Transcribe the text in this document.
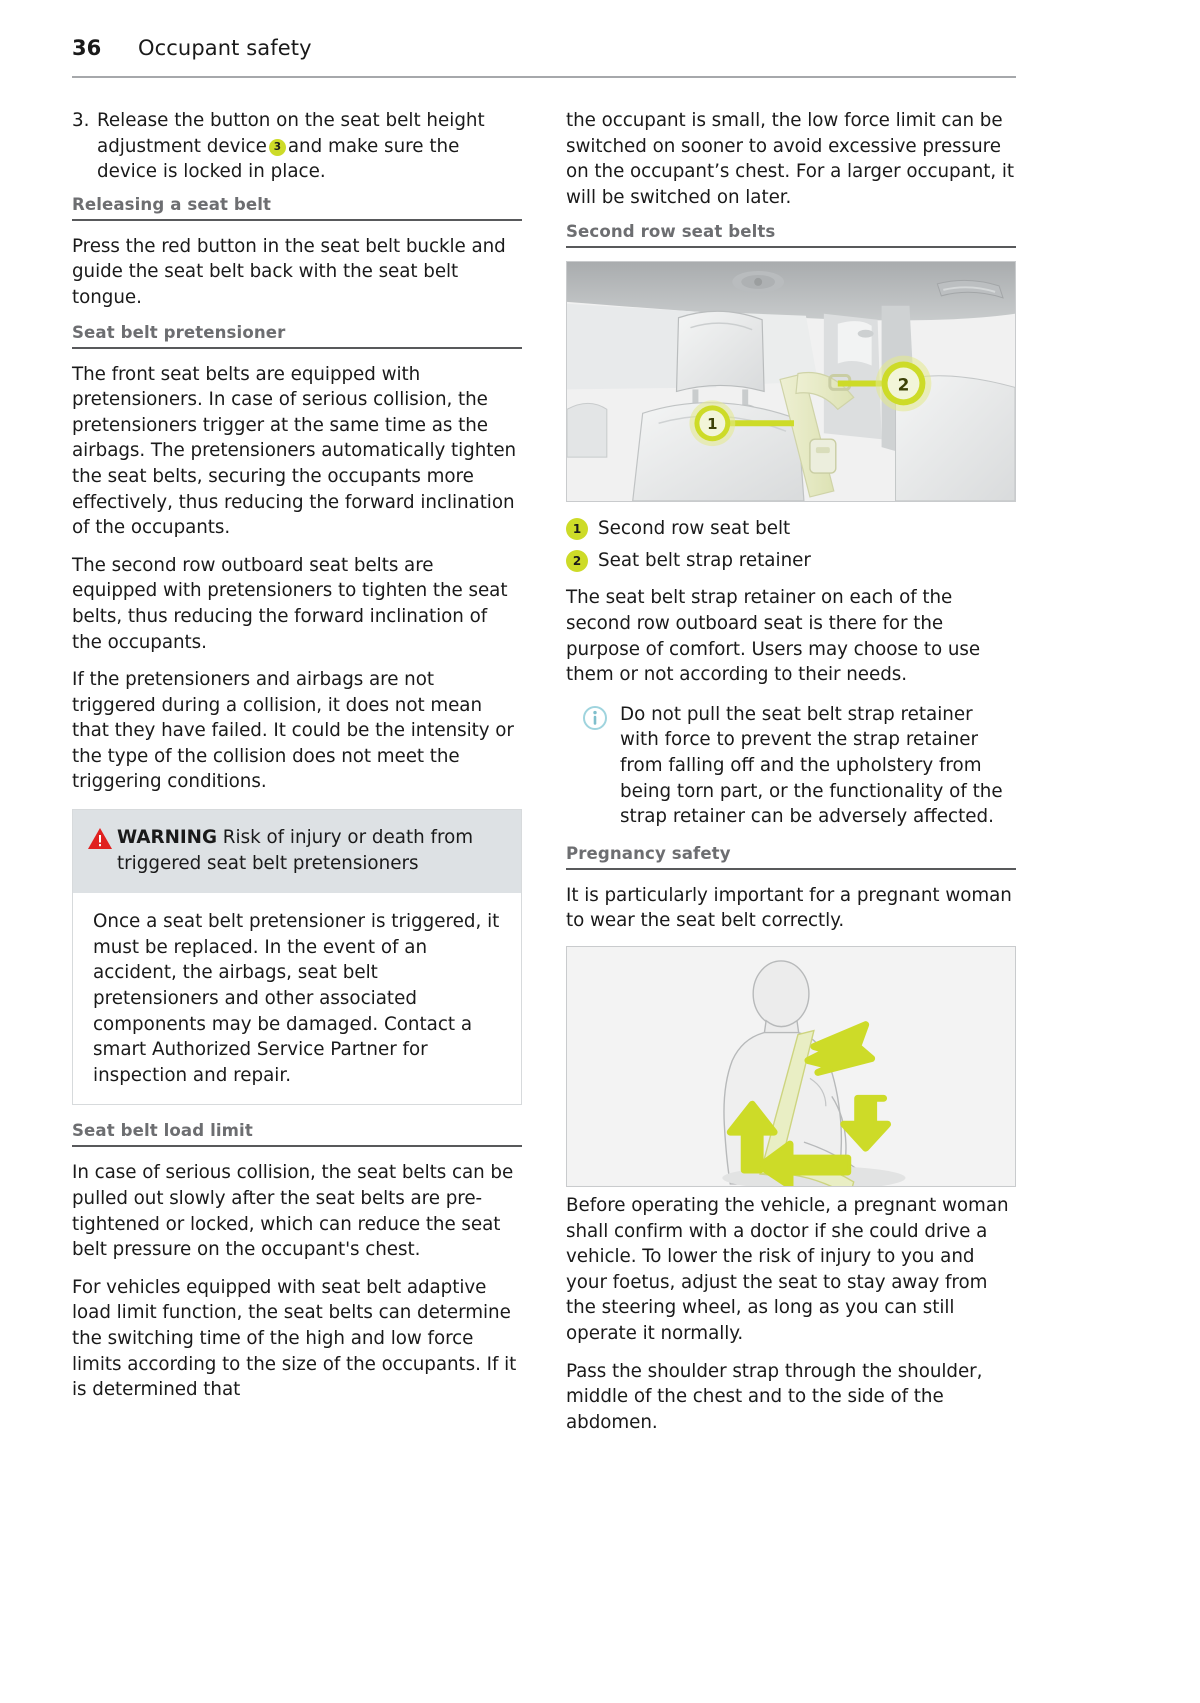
36	Occupant safety
3. Release the button on the seat belt height adjustment device 3 and make sure the device is locked in place.
Releasing a seat belt

Press the red button in the seat belt buckle and guide the seat belt back with the seat belt tongue.

Seat belt pretensioner

The front seat belts are equipped with pretensioners. In case of serious collision, the pretensioners trigger at the same time as the airbags. The pretensioners automatically tighten the seat belts, securing the occupants more effectively, thus reducing the forward inclination of the occupants.

The second row outboard seat belts are equipped with pretensioners to tighten the seat belts, thus reducing the forward inclination of the occupants.

If the pretensioners and airbags are not triggered during a collision, it does not mean that they have failed. It could be the intensity or the type of the collision does not meet the triggering conditions.

WARNING Risk of injury or death from triggered seat belt pretensioners

Once a seat belt pretensioner is triggered, it must be replaced. In the event of an accident, the airbags, seat belt pretensioners and other associated components may be damaged. Contact a smart Authorized Service Partner for inspection and repair.

Seat belt load limit

In case of serious collision, the seat belts can be pulled out slowly after the seat belts are pre-tightened or locked, which can reduce the seat belt pressure on the occupant's chest.

For vehicles equipped with seat belt adaptive load limit function, the seat belts can determine the switching time of the high and low force limits according to the size of the occupants. If it is determined that

the occupant is small, the low force limit can be switched on sooner to avoid excessive pressure on the occupant’s chest. For a larger occupant, it will be switched on later.

Second row seat belts
1
2
1 Second row seat belt
2 Seat belt strap retainer

The seat belt strap retainer on each of the second row outboard seat is there for the purpose of comfort. Users may choose to use them or not according to their needs.

Do not pull the seat belt strap retainer with force to prevent the strap retainer from falling off and the upholstery from being torn part, or the functionality of the strap retainer can be adversely affected.
Pregnancy safety

It is particularly important for a pregnant woman to wear the seat belt correctly.

Before operating the vehicle, a pregnant woman shall confirm with a doctor if she could drive a vehicle. To lower the risk of injury to you and your foetus, adjust the seat to stay away from the steering wheel, as long as you can still operate it normally.

Pass the shoulder strap through the shoulder, middle of the chest and to the side of the abdomen.
